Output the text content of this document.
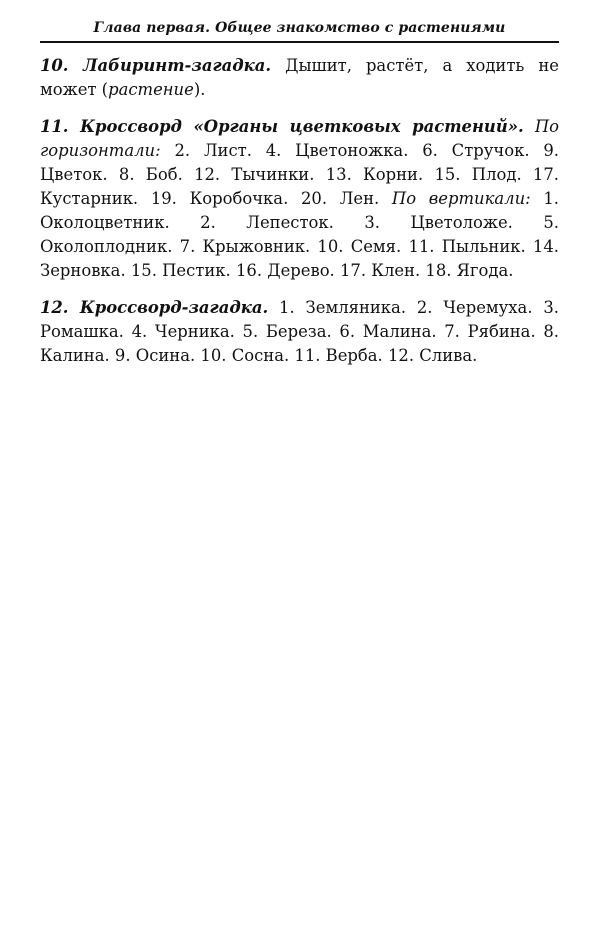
Глава первая. Общее знакомство с растениями

10. Лабиринт-загадка. Дышит, растёт, а ходить не может (растение).

11. Кроссворд «Органы цветковых растений». По горизонтали: 2. Лист. 4. Цветоножка. 6. Стручок. 9. Цветок. 8. Боб. 12. Тычинки. 13. Корни. 15. Плод. 17. Кустарник. 19. Коробочка. 20. Лен. По вертикали: 1. Околоцветник. 2. Лепесток. 3. Цветоложе. 5. Околоплодник. 7. Крыжовник. 10. Семя. 11. Пыльник. 14. Зерновка. 15. Пестик. 16. Дерево. 17. Клен. 18. Ягода.

12. Кроссворд-загадка. 1. Земляника. 2. Черемуха. 3. Ромашка. 4. Черника. 5. Береза. 6. Малина. 7. Рябина. 8. Калина. 9. Осина. 10. Сосна. 11. Верба. 12. Слива.
